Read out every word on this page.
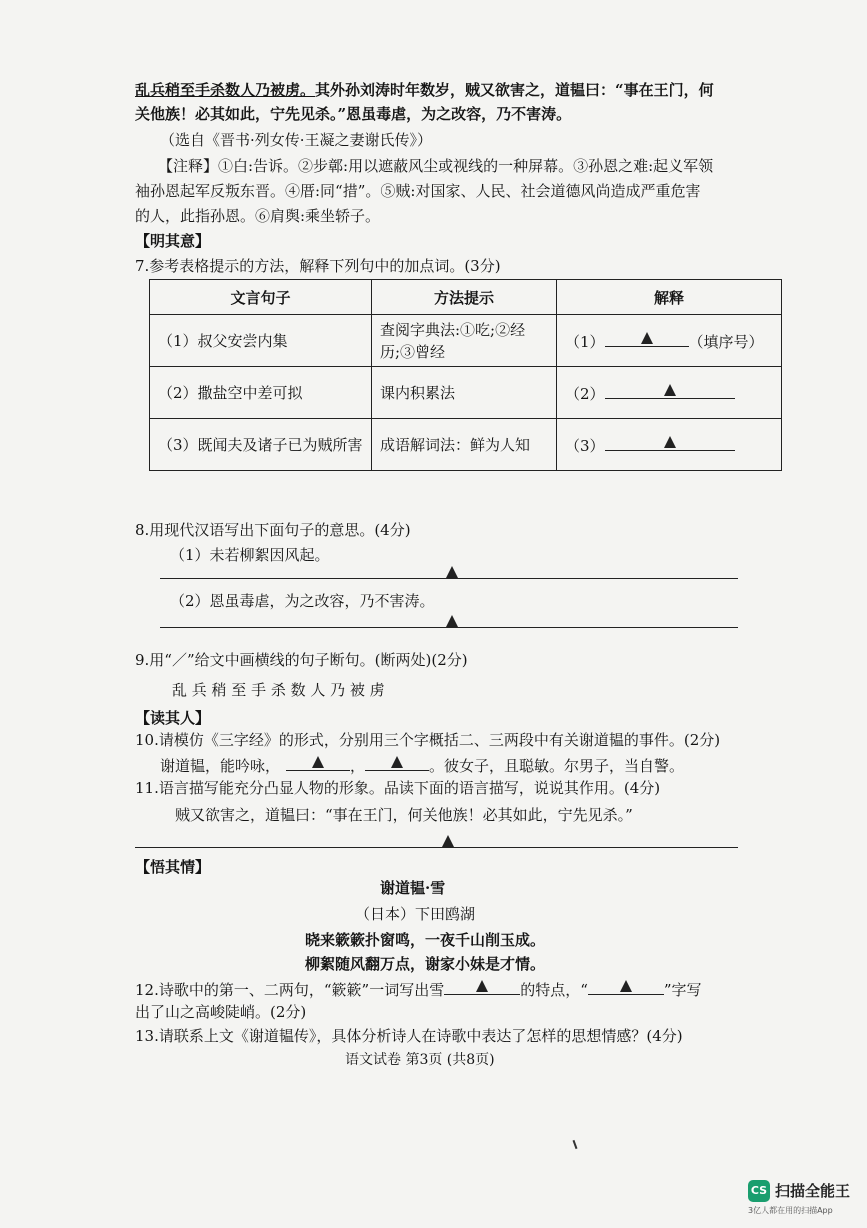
乱兵稍至手杀数人乃被虏。其外孙刘涛时年数岁，贼又欲害之，道韫曰：“事在王门，何
关他族！必其如此，宁先见杀。”恩虽毒虐，为之改容，乃不害涛。
（选自《晋书·列女传·王凝之妻谢氏传》）
【注释】①白:告诉。②步鄣:用以遮蔽风尘或视线的一种屏幕。③孙恩之难:起义军领
袖孙恩起军反叛东晋。④厝:同“措”。⑤贼:对国家、人民、社会道德风尚造成严重危害
的人，此指孙恩。⑥肩舆:乘坐轿子。
【明其意】
7.参考表格提示的方法，解释下列句中的加点词。(3分)
文言句子	方法提示	解释
（1）叔父安尝内集	查阅字典法:①吃;②经历;③曾经	（1） （填序号）
（2）撒盐空中差可拟	课内积累法	（2）

（3）既闻夫及诸子已为贼所害	成语解词法：鲜为人知	（3）
8.用现代汉语写出下面句子的意思。(4分)
（1）未若柳絮因风起。
（2）恩虽毒虐，为之改容，乃不害涛。
9.用“／”给文中画横线的句子断句。(断两处)(2分)
乱 兵 稍 至 手 杀 数 人 乃 被 虏
【读其人】
10.请模仿《三字经》的形式，分别用三个字概括二、三两段中有关谢道韫的事件。(2分)
谢道韫，能吟咏，	，	。彼女子，且聪敏。尔男子，当自警。
11.语言描写能充分凸显人物的形象。品读下面的语言描写，说说其作用。(4分)
贼又欲害之，道韫曰：“事在王门，何关他族！必其如此，宁先见杀。”
【悟其情】
谢道韫·雪
（日本）下田鸥湖
晓来簌簌扑窗鸣，一夜千山削玉成。
柳絮随风翻万点，谢家小妹是才情。
12.诗歌中的第一、二两句，“簌簌”一词写出雪	的特点，“	”字写
出了山之高峻陡峭。(2分)
13.请联系上文《谢道韫传》，具体分析诗人在诗歌中表达了怎样的思想情感？(4分)
语文试卷 第3页 (共8页)
CS 扫描全能王
3亿人都在用的扫描App
